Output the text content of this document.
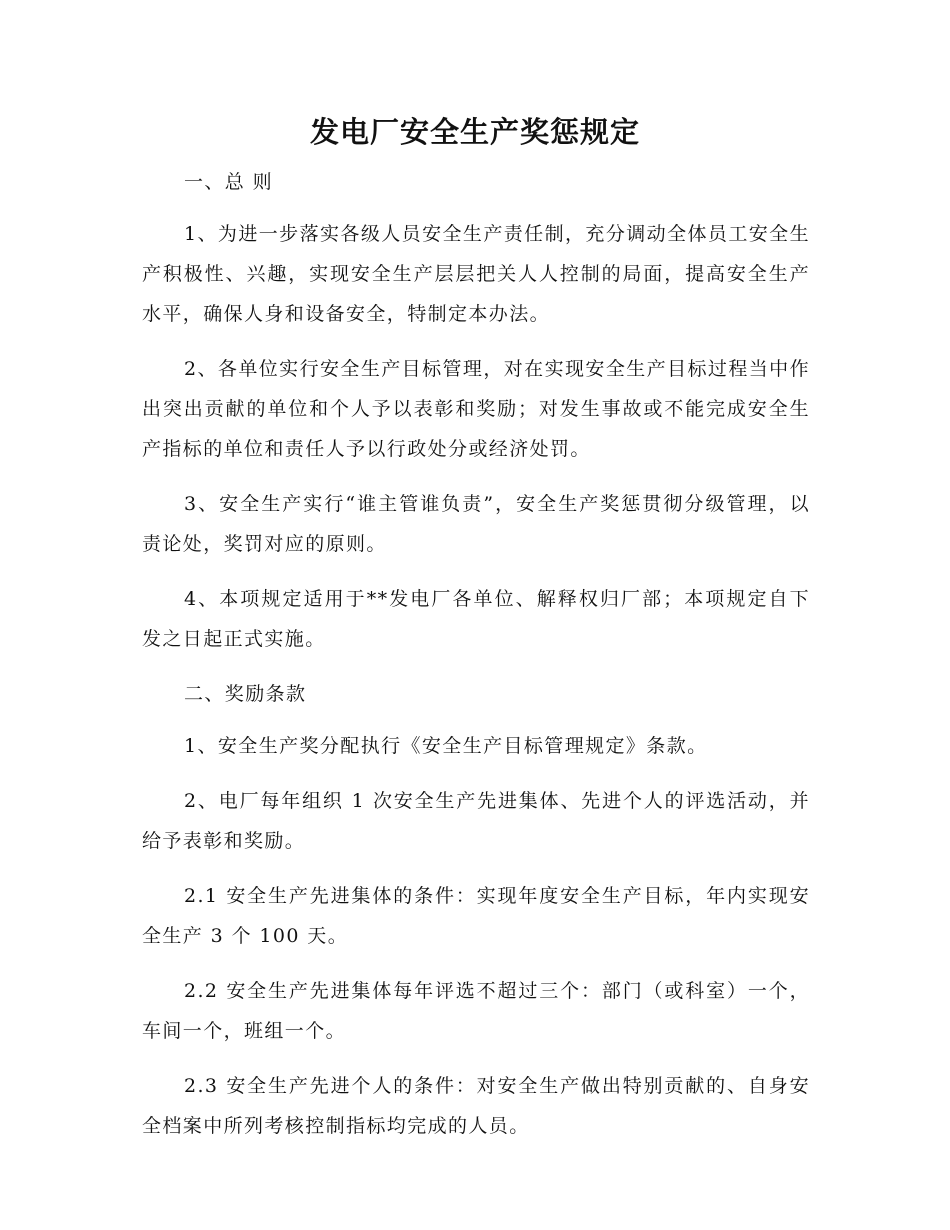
发电厂安全生产奖惩规定

一、总 则

1、为进一步落实各级人员安全生产责任制，充分调动全体员工安全生产积极性、兴趣，实现安全生产层层把关人人控制的局面，提高安全生产水平，确保人身和设备安全，特制定本办法。

2、各单位实行安全生产目标管理，对在实现安全生产目标过程当中作出突出贡献的单位和个人予以表彰和奖励；对发生事故或不能完成安全生产指标的单位和责任人予以行政处分或经济处罚。

3、安全生产实行“谁主管谁负责”，安全生产奖惩贯彻分级管理，以责论处，奖罚对应的原则。

4、本项规定适用于**发电厂各单位、解释权归厂部；本项规定自下发之日起正式实施。

二、奖励条款

1、安全生产奖分配执行《安全生产目标管理规定》条款。

2、电厂每年组织 1 次安全生产先进集体、先进个人的评选活动，并给予表彰和奖励。

2.1 安全生产先进集体的条件：实现年度安全生产目标，年内实现安全生产 3 个 100 天。

2.2 安全生产先进集体每年评选不超过三个：部门（或科室）一个，车间一个，班组一个。

2.3 安全生产先进个人的条件：对安全生产做出特别贡献的、自身安全档案中所列考核控制指标均完成的人员。
